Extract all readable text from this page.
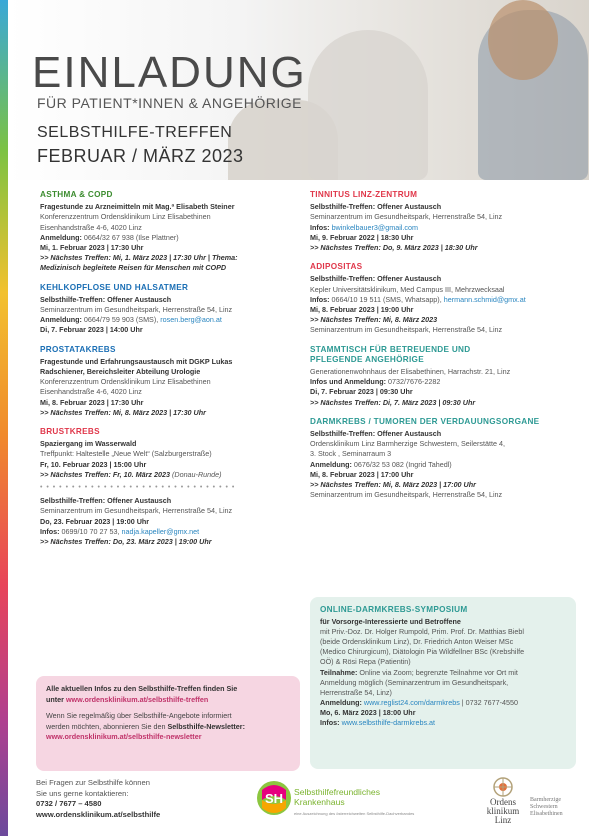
EINLADUNG
FÜR PATIENT*INNEN & ANGEHÖRIGE
SELBSTHILFE-TREFFEN
FEBRUAR / MÄRZ 2023
ASTHMA & COPD
Fragestunde zu Arzneimitteln mit Mag.ª Elisabeth Steiner
Konferenzzentrum Ordensklinikum Linz Elisabethinen
Eisenhandstraße 4-6, 4020 Linz
Anmeldung: 0664/32 67 938 (Ilse Plattner)
Mi, 1. Februar 2023 | 17:30 Uhr
>> Nächstes Treffen: Mi, 1. März 2023 | 17:30 Uhr | Thema:
Medizinisch begleitete Reisen für Menschen mit COPD
KEHLKOPFLOSE UND HALSATMER
Selbsthilfe-Treffen: Offener Austausch
Seminarzentrum im Gesundheitspark, Herrenstraße 54, Linz
Anmeldung: 0664/79 59 903 (SMS), rosen.berg@aon.at
Di, 7. Februar 2023 | 14:00 Uhr
PROSTATAKREBS
Fragestunde und Erfahrungsaustausch mit DGKP Lukas
Radschiener, Bereichsleiter Abteilung Urologie
Konferenzzentrum Ordensklinikum Linz Elisabethinen
Eisenhandstraße 4-6, 4020 Linz
Mi, 8. Februar 2023 | 17:30 Uhr
>> Nächstes Treffen: Mi, 8. März 2023 | 17:30 Uhr
BRUSTKREBS
Spaziergang im Wasserwald
Treffpunkt: Haltestelle „Neue Welt“ (Salzburgerstraße)
Fr, 10. Februar 2023 | 15:00 Uhr
>> Nächstes Treffen: Fr, 10. März 2023 (Donau-Runde)
• • • • • • • • • • • • • • • • • • • • • • • • • • • • • • •
Selbsthilfe-Treffen: Offener Austausch
Seminarzentrum im Gesundheitspark, Herrenstraße 54, Linz
Do, 23. Februar 2023 | 19:00 Uhr
Infos: 0699/10 70 27 53, nadja.kapeller@gmx.net
>> Nächstes Treffen: Do, 23. März 2023 | 19:00 Uhr
TINNITUS LINZ-ZENTRUM
Selbsthilfe-Treffen: Offener Austausch
Seminarzentrum im Gesundheitspark, Herrenstraße 54, Linz
Infos: bwinkelbauer3@gmail.com
Mi, 9. Februar 2022 | 18:30 Uhr
>> Nächstes Treffen: Do, 9. März 2023 | 18:30 Uhr
ADIPOSITAS
Selbsthilfe-Treffen: Offener Austausch
Kepler Universitätsklinikum, Med Campus III, Mehrzwecksaal
Infos: 0664/10 19 511 (SMS, Whatsapp), hermann.schmid@gmx.at
Mi, 8. Februar 2023 | 19:00 Uhr
>> Nächstes Treffen: Mi, 8. März 2023
Seminarzentrum im Gesundheitspark, Herrenstraße 54, Linz
STAMMTISCH FÜR BETREUENDE UND
PFLEGENDE ANGEHÖRIGE
Generationenwohnhaus der Elisabethinen, Harrachstr. 21, Linz
Infos und Anmeldung: 0732/7676-2282
Di, 7. Februar 2023 | 09:30 Uhr
>> Nächstes Treffen: Di, 7. März 2023 | 09:30 Uhr
DARMKREBS / TUMOREN DER VERDAUUNGSORGANE
Selbsthilfe-Treffen: Offener Austausch
Ordensklinikum Linz Barmherzige Schwestern, Seilerstätte 4,
3. Stock , Seminarraum 3
Anmeldung: 0676/32 53 082 (Ingrid Tahedl)
Mi, 8. Februar 2023 | 17:00 Uhr
>> Nächstes Treffen: Mi, 8. März 2023 | 17:00 Uhr
Seminarzentrum im Gesundheitspark, Herrenstraße 54, Linz
ONLINE-DARMKREBS-SYMPOSIUM
für Vorsorge-Interessierte und Betroffene
mit Priv.-Doz. Dr. Holger Rumpold, Prim. Prof. Dr. Matthias Biebl
(beide Ordensklinikum Linz), Dr. Friedrich Anton Weiser MSc
(Medico Chirurgicum), Diätologin Pia Wildfellner BSc (Krebshilfe
OÖ) & Rösi Repa (Patientin)
Teilnahme: Online via Zoom; begrenzte Teilnahme vor Ort mit
Anmeldung möglich (Seminarzentrum im Gesundheitspark,
Herrenstraße 54, Linz)
Anmeldung: www.reglist24.com/darmkrebs | 0732 7677-4550
Mo, 6. März 2023 | 18:00 Uhr
Infos: www.selbsthilfe-darmkrebs.at
Alle aktuellen Infos zu den Selbsthilfe-Treffen finden Sie
unter www.ordensklinikum.at/selbsthilfe-treffen
Wenn Sie regelmäßig über Selbsthilfe-Angebote informiert
werden möchten, abonnieren Sie den Selbsthilfe-Newsletter:
www.ordensklinikum.at/selbsthilfe-newsletter
Bei Fragen zur Selbsthilfe können
Sie uns gerne kontaktieren:
0732 / 7677 – 4580
www.ordensklinikum.at/selbsthilfe
SH Selbsthilfefreundliches
Krankenhaus
eine Auszeichnung des österreichweiten Selbsthilfe-Dachverbandes
Ordens
klinikum
Linz
Barmherzige
Schwestern
Elisabethinen
